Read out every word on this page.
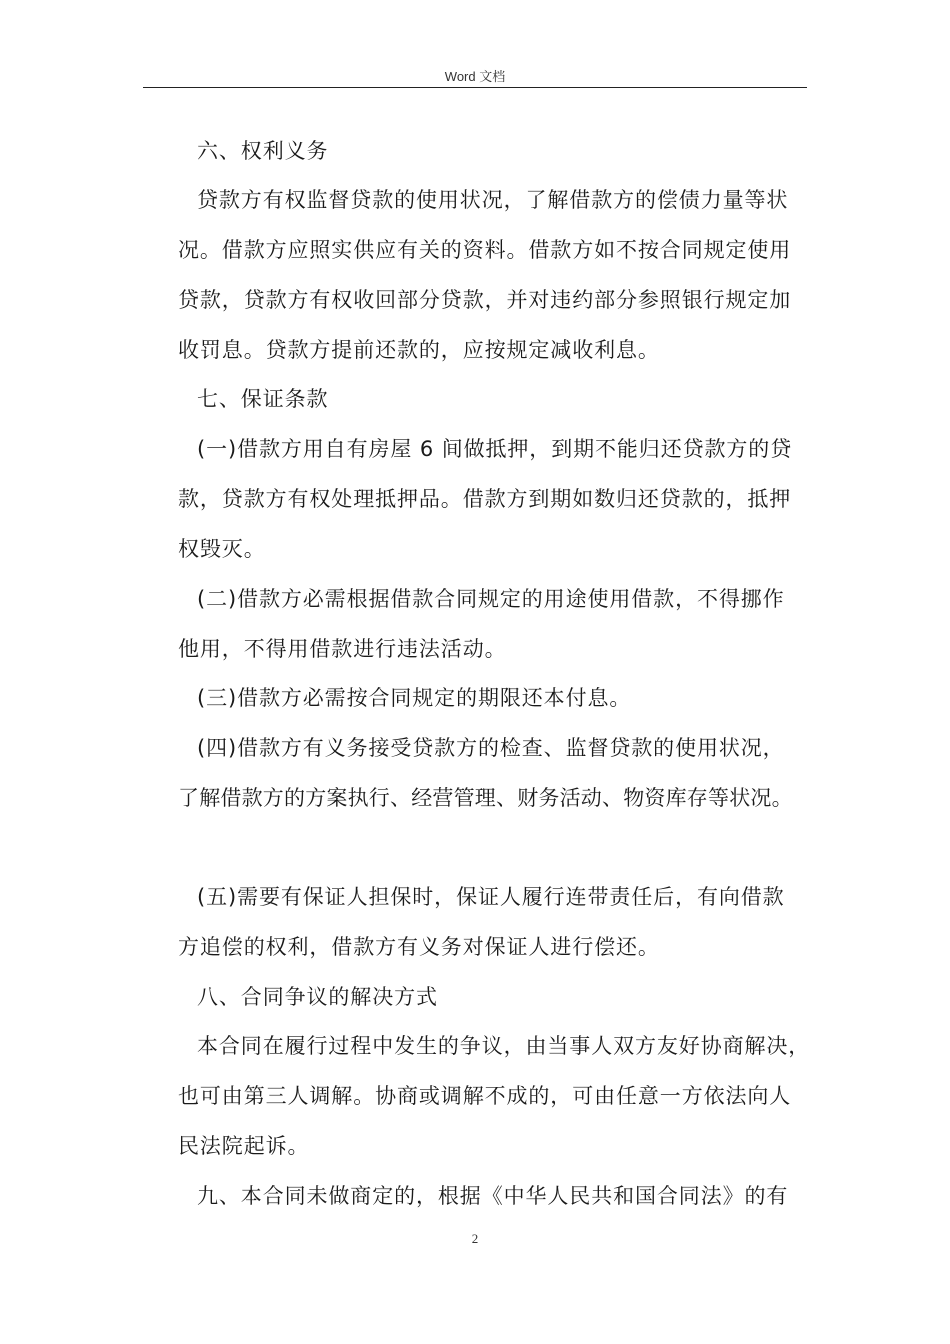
Word 文档
六、权利义务
贷款方有权监督贷款的使用状况，了解借款方的偿债力量等状
况。借款方应照实供应有关的资料。借款方如不按合同规定使用
贷款，贷款方有权收回部分贷款，并对违约部分参照银行规定加
收罚息。贷款方提前还款的，应按规定减收利息。
七、保证条款
(一)借款方用自有房屋 6 间做抵押，到期不能归还贷款方的贷
款，贷款方有权处理抵押品。借款方到期如数归还贷款的，抵押
权毁灭。
(二)借款方必需根据借款合同规定的用途使用借款，不得挪作
他用，不得用借款进行违法活动。
(三)借款方必需按合同规定的期限还本付息。
(四)借款方有义务接受贷款方的检查、监督贷款的使用状况，
了解借款方的方案执行、经营管理、财务活动、物资库存等状况。
(五)需要有保证人担保时，保证人履行连带责任后，有向借款
方追偿的权利，借款方有义务对保证人进行偿还。
八、合同争议的解决方式
本合同在履行过程中发生的争议，由当事人双方友好协商解决，
也可由第三人调解。协商或调解不成的，可由任意一方依法向人
民法院起诉。
九、本合同未做商定的，根据《中华人民共和国合同法》的有
2
